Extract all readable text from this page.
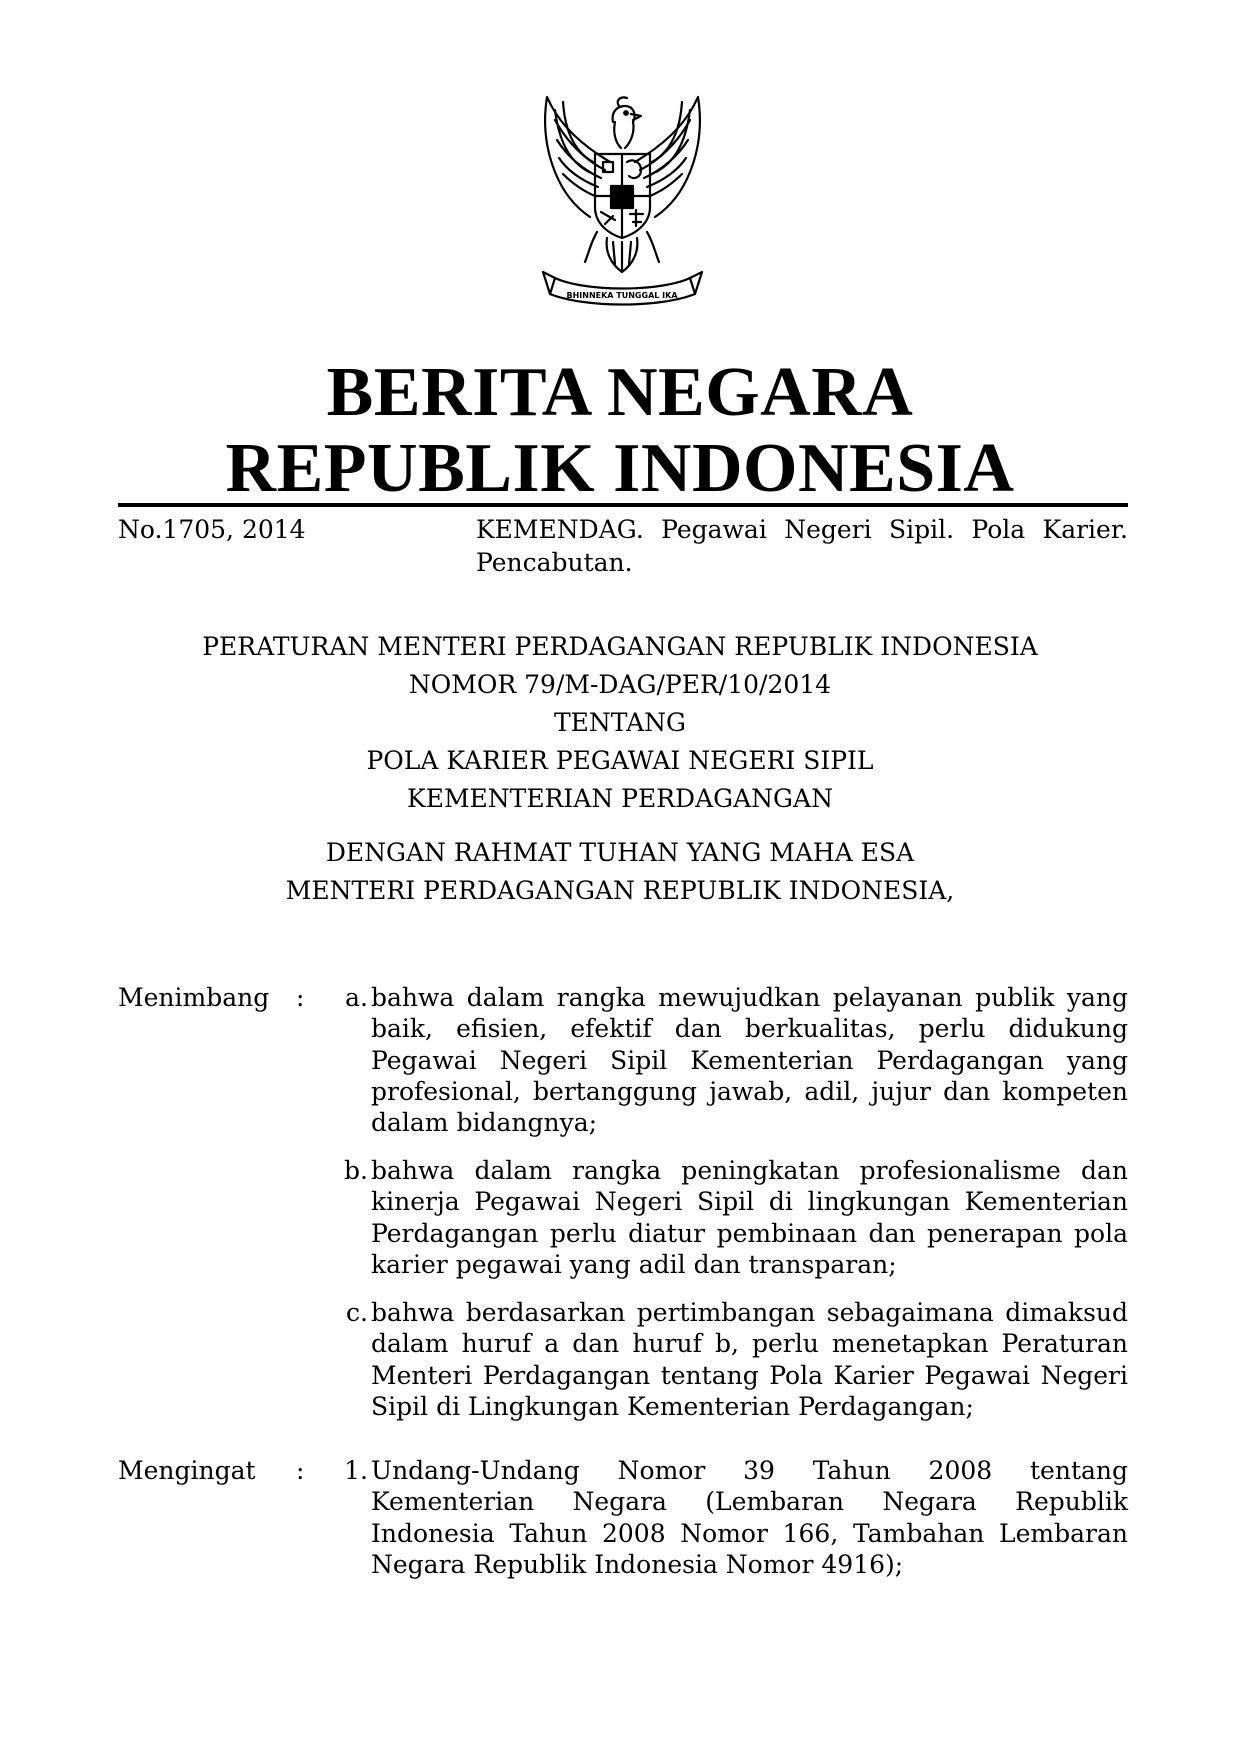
BHINNEKA TUNGGAL IKA
BERITA NEGARA
REPUBLIK INDONESIA
No.1705, 2014	KEMENDAG. Pegawai Negeri Sipil. Pola Karier. Pencabutan.
PERATURAN MENTERI PERDAGANGAN REPUBLIK INDONESIA
NOMOR 79/M-DAG/PER/10/2014
TENTANG
POLA KARIER PEGAWAI NEGERI SIPIL
KEMENTERIAN PERDAGANGAN
DENGAN RAHMAT TUHAN YANG MAHA ESA
MENTERI PERDAGANGAN REPUBLIK INDONESIA,
Menimbang :	a. bahwa dalam rangka mewujudkan pelayanan publik yang baik, efisien, efektif dan berkualitas, perlu didukung Pegawai Negeri Sipil Kementerian Perdagangan yang profesional, bertanggung jawab, adil, jujur dan kompeten dalam bidangnya;
b. bahwa dalam rangka peningkatan profesionalisme dan kinerja Pegawai Negeri Sipil di lingkungan Kementerian Perdagangan perlu diatur pembinaan dan penerapan pola karier pegawai yang adil dan transparan;
c. bahwa berdasarkan pertimbangan sebagaimana dimaksud dalam huruf a dan huruf b, perlu menetapkan Peraturan Menteri Perdagangan tentang Pola Karier Pegawai Negeri Sipil di Lingkungan Kementerian Perdagangan;
Mengingat :	1. Undang-Undang Nomor 39 Tahun 2008 tentang Kementerian Negara (Lembaran Negara Republik Indonesia Tahun 2008 Nomor 166, Tambahan Lembaran Negara Republik Indonesia Nomor 4916);
